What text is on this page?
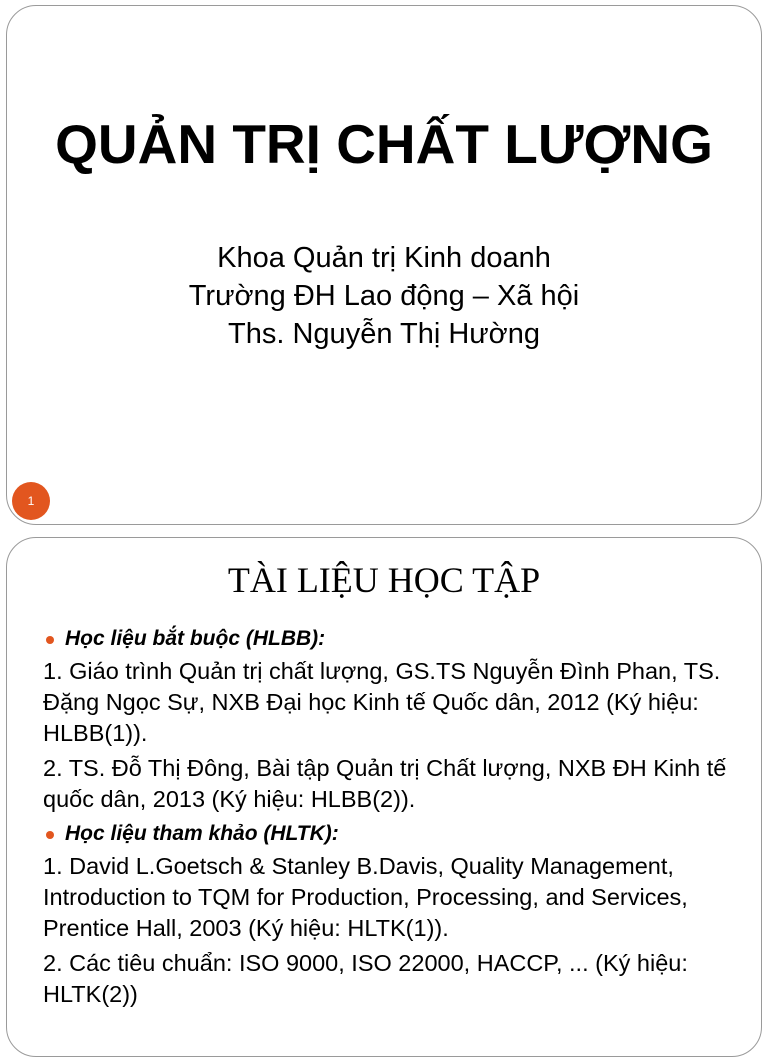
QUẢN TRỊ CHẤT LƯỢNG
Khoa Quản trị Kinh doanh
Trường ĐH Lao động – Xã hội
Ths. Nguyễn Thị Hường
1
TÀI LIỆU HỌC TẬP
Học liệu bắt buộc (HLBB):
1. Giáo trình Quản trị chất lượng, GS.TS Nguyễn Đình Phan, TS. Đặng Ngọc Sự, NXB Đại học Kinh tế Quốc dân, 2012 (Ký hiệu: HLBB(1)).
2. TS. Đỗ Thị Đông, Bài tập Quản trị Chất lượng, NXB ĐH Kinh tế quốc dân, 2013 (Ký hiệu: HLBB(2)).
Học liệu tham khảo (HLTK):
1. David L.Goetsch & Stanley B.Davis, Quality Management, Introduction to TQM for Production, Processing, and Services, Prentice Hall, 2003 (Ký hiệu: HLTK(1)).
2. Các tiêu chuẩn: ISO 9000, ISO 22000, HACCP, ... (Ký hiệu: HLTK(2))
